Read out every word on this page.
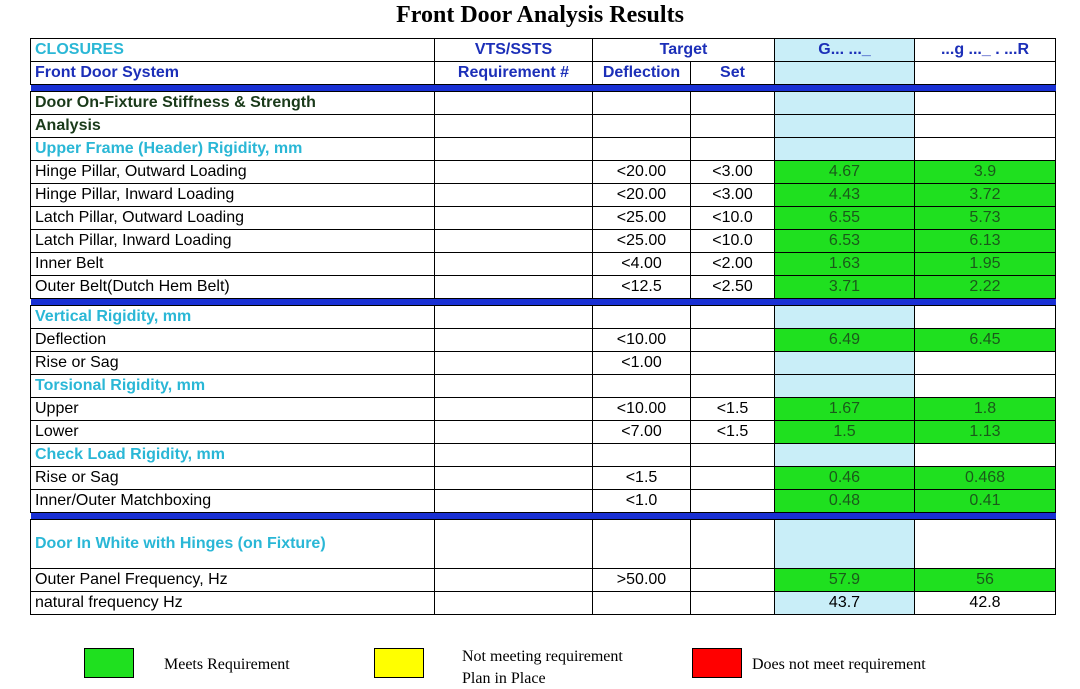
Front Door Analysis Results
CLOSURES	VTS/SSTS	Target		G... ..._	...g ..._ . ...R
Front Door System	Requirement #	Deflection	Set		

Door On-Fixture Stiffness & Strength					
Analysis					
Upper Frame (Header) Rigidity, mm					
Hinge Pillar, Outward Loading		<20.00	<3.00	4.67	3.9
Hinge Pillar, Inward Loading		<20.00	<3.00	4.43	3.72
Latch Pillar, Outward Loading		<25.00	<10.0	6.55	5.73
Latch Pillar, Inward Loading		<25.00	<10.0	6.53	6.13
Inner Belt		<4.00	<2.00	1.63	1.95
Outer Belt(Dutch Hem Belt)		<12.5	<2.50	3.71	2.22

Vertical Rigidity, mm					
Deflection		<10.00		6.49	6.45
Rise or Sag		<1.00			
Torsional Rigidity, mm					
Upper		<10.00	<1.5	1.67	1.8
Lower		<7.00	<1.5	1.5	1.13
Check Load Rigidity, mm					
Rise or Sag		<1.5		0.46	0.468
Inner/Outer Matchboxing		<1.0		0.48	0.41

Door In White with Hinges (on Fixture)					
Outer Panel Frequency, Hz		>50.00		57.9	56
natural frequency Hz				43.7	42.8
Meets Requirement	Not meeting requirement
Plan in Place
Does not meet requirement
